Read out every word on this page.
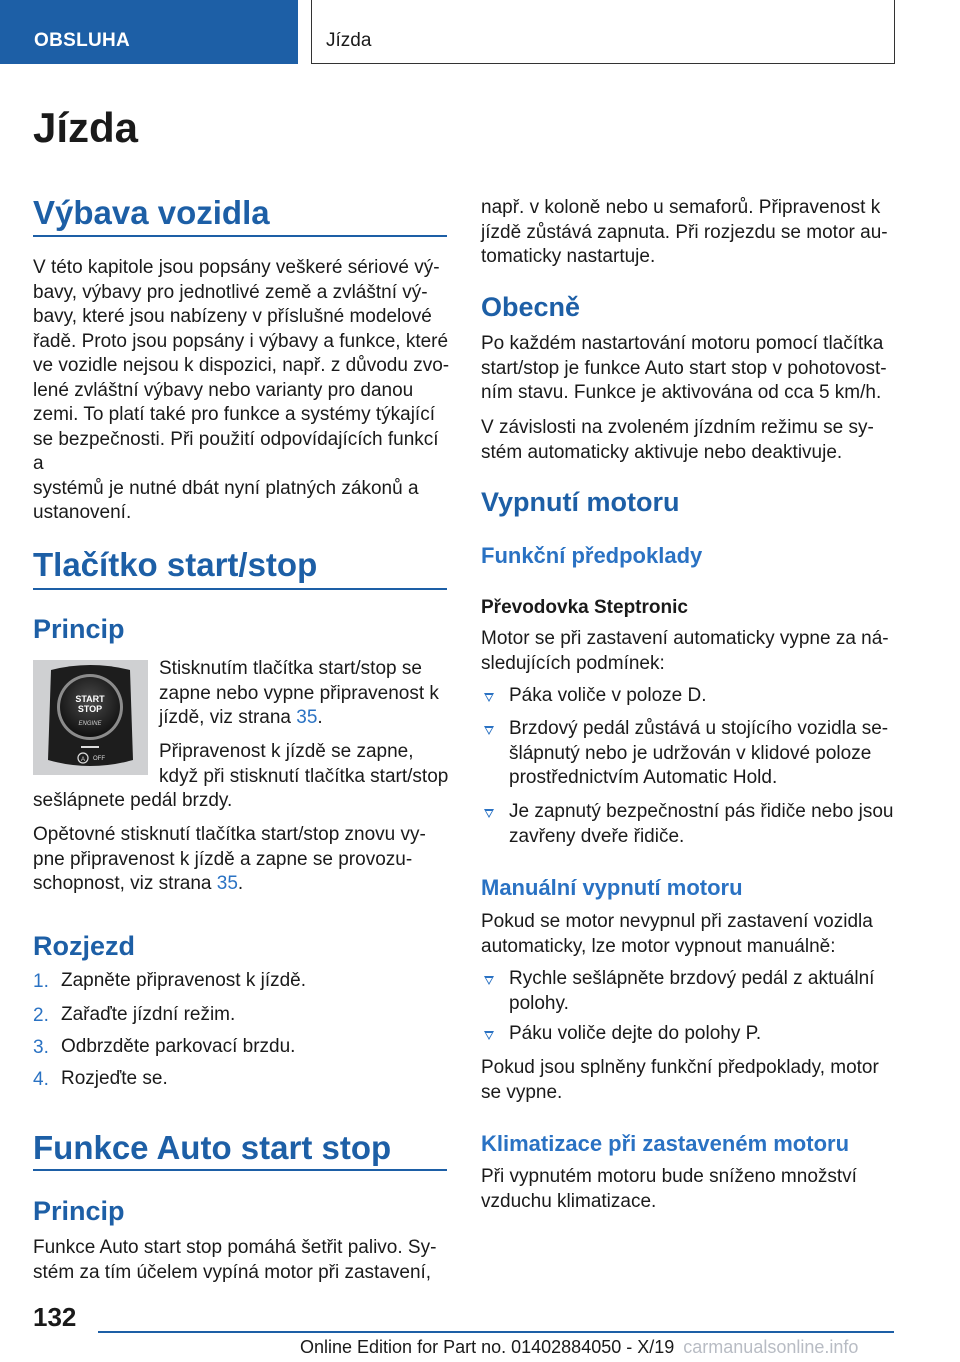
OBSLUHA	Jízda
Jízda
Výbava vozidla
V této kapitole jsou popsány veškeré sériové vý‐
bavy, výbavy pro jednotlivé země a zvláštní vý‐
bavy, které jsou nabízeny v příslušné modelové
řadě. Proto jsou popsány i výbavy a funkce, které
ve vozidle nejsou k dispozici, např. z důvodu zvo‐
lené zvláštní výbavy nebo varianty pro danou
zemi. To platí také pro funkce a systémy týkající
se bezpečnosti. Při použití odpovídajících funkcí a
systémů je nutné dbát nyní platných zákonů a
ustanovení.
Tlačítko start/stop
Princip
START
STOP
ENGINE
A OFF
Stisknutím tlačítka start/stop se
zapne nebo vypne připravenost k
jízdě, viz strana 35.
Připravenost k jízdě se zapne,
když při stisknutí tlačítka start/stop
sešlápnete pedál brzdy.
Opětovné stisknutí tlačítka start/stop znovu vy‐
pne připravenost k jízdě a zapne se provozu‐
schopnost, viz strana 35.
Rozjezd
1. Zapněte připravenost k jízdě.
2. Zařaďte jízdní režim.
3. Odbrzděte parkovací brzdu.
4. Rozjeďte se.
Funkce Auto start stop
Princip
Funkce Auto start stop pomáhá šetřit palivo. Sy‐
stém za tím účelem vypíná motor při zastavení,
např. v koloně nebo u semaforů. Připravenost k
jízdě zůstává zapnuta. Při rozjezdu se motor au‐
tomaticky nastartuje.
Obecně
Po každém nastartování motoru pomocí tlačítka
start/stop je funkce Auto start stop v pohotovost‐
ním stavu. Funkce je aktivována od cca 5 km/h.
V závislosti na zvoleném jízdním režimu se sy‐
stém automaticky aktivuje nebo deaktivuje.
Vypnutí motoru
Funkční předpoklady
Převodovka Steptronic
Motor se při zastavení automaticky vypne za ná‐
sledujících podmínek:
Páka voliče v poloze D.
Brzdový pedál zůstává u stojícího vozidla se‐
šlápnutý nebo je udržován v klidové poloze
prostřednictvím Automatic Hold.
Je zapnutý bezpečnostní pás řidiče nebo jsou
zavřeny dveře řidiče.
Manuální vypnutí motoru
Pokud se motor nevypnul při zastavení vozidla
automaticky, lze motor vypnout manuálně:
Rychle sešlápněte brzdový pedál z aktuální
polohy.
Páku voliče dejte do polohy P.
Pokud jsou splněny funkční předpoklady, motor
se vypne.
Klimatizace při zastaveném motoru
Při vypnutém motoru bude sníženo množství
vzduchu klimatizace.
132
Online Edition for Part no. 01402884050 - X/19 carmanualsonline.info
